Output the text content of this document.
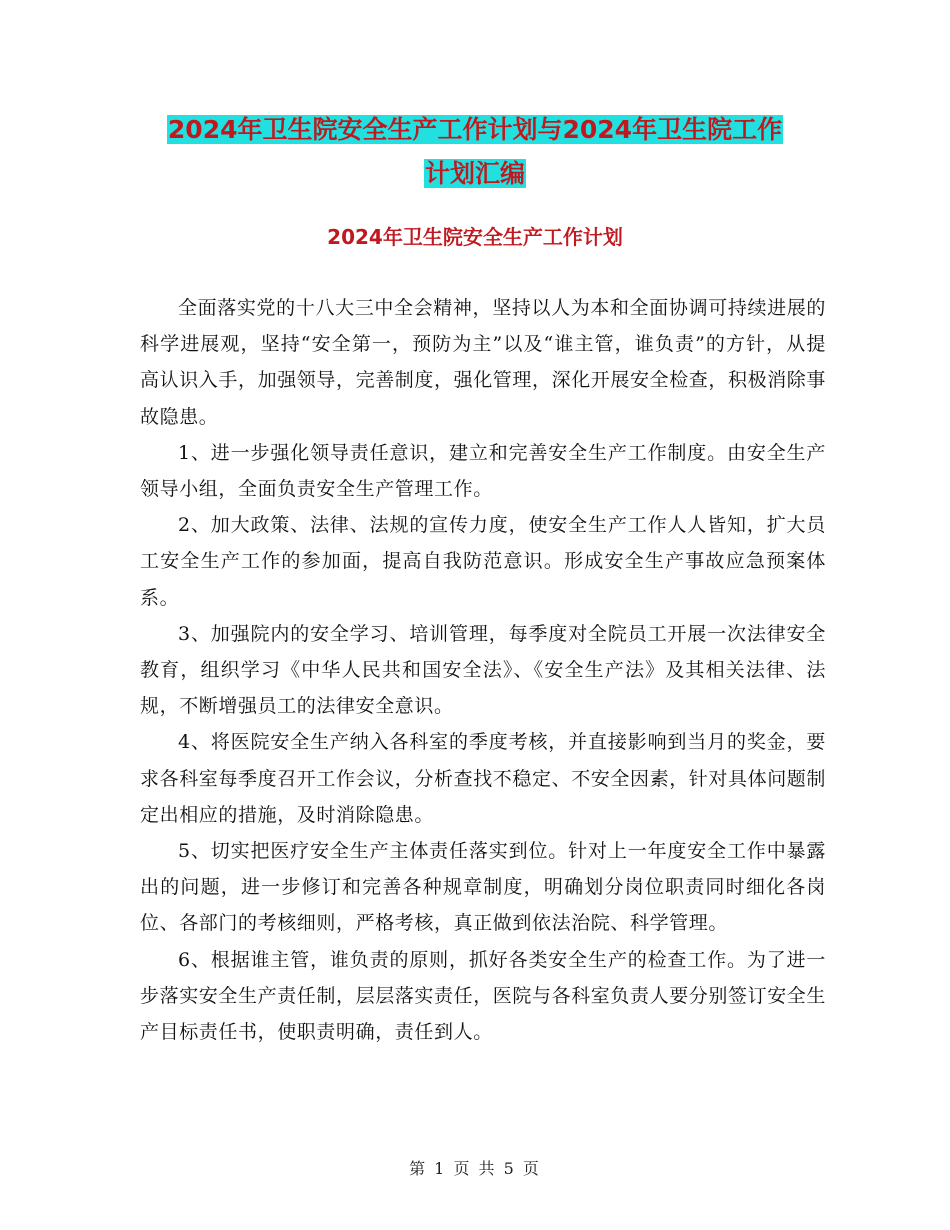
2024年卫生院安全生产工作计划与2024年卫生院工作
计划汇编
2024年卫生院安全生产工作计划

全面落实党的十八大三中全会精神，坚持以人为本和全面协调可持续进展的科学进展观，坚持“安全第一，预防为主”以及“谁主管，谁负责”的方针，从提高认识入手，加强领导，完善制度，强化管理，深化开展安全检查，积极消除事故隐患。

1、进一步强化领导责任意识，建立和完善安全生产工作制度。由安全生产领导小组，全面负责安全生产管理工作。

2、加大政策、法律、法规的宣传力度，使安全生产工作人人皆知，扩大员工安全生产工作的参加面，提高自我防范意识。形成安全生产事故应急预案体系。

3、加强院内的安全学习、培训管理，每季度对全院员工开展一次法律安全教育，组织学习《中华人民共和国安全法》、《安全生产法》及其相关法律、法规，不断增强员工的法律安全意识。

4、将医院安全生产纳入各科室的季度考核，并直接影响到当月的奖金，要求各科室每季度召开工作会议，分析查找不稳定、不安全因素，针对具体问题制定出相应的措施，及时消除隐患。

5、切实把医疗安全生产主体责任落实到位。针对上一年度安全工作中暴露出的问题，进一步修订和完善各种规章制度，明确划分岗位职责同时细化各岗位、各部门的考核细则，严格考核，真正做到依法治院、科学管理。

6、根据谁主管，谁负责的原则，抓好各类安全生产的检查工作。为了进一步落实安全生产责任制，层层落实责任，医院与各科室负责人要分别签订安全生产目标责任书，使职责明确，责任到人。

第 1 页 共 5 页
